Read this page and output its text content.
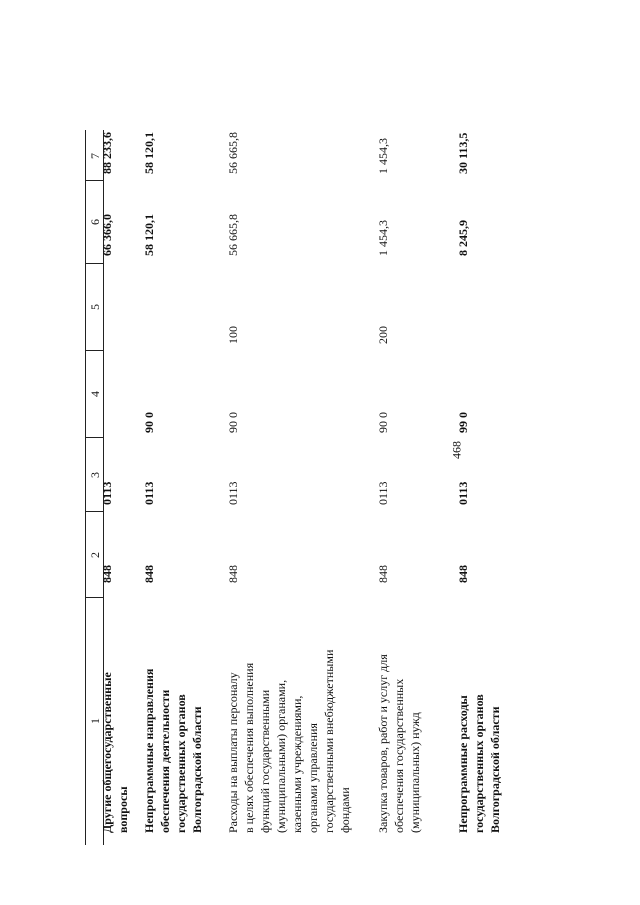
468
1
2
3
4
5
6
7
Другие общегосударственные вопросы
848
0113
66 366,0
88 233,6
Непрограммные направления обеспечения деятельности государственных органов Волгоградской области
848
0113
90 0
58 120,1
58 120,1
Расходы на выплаты персоналу в целях обеспечения выполнения функций государственными (муниципальными) органами, казенными учреждениями, органами управления государственными внебюджетными фондами
848
0113
90 0
100
56 665,8
56 665,8
Закупка товаров, работ и услуг для обеспечения государственных (муниципальных) нужд
848
0113
90 0
200
1 454,3
1 454,3
Непрограммные расходы государственных органов Волгоградской области
848
0113
99 0
8 245,9
30 113,5
